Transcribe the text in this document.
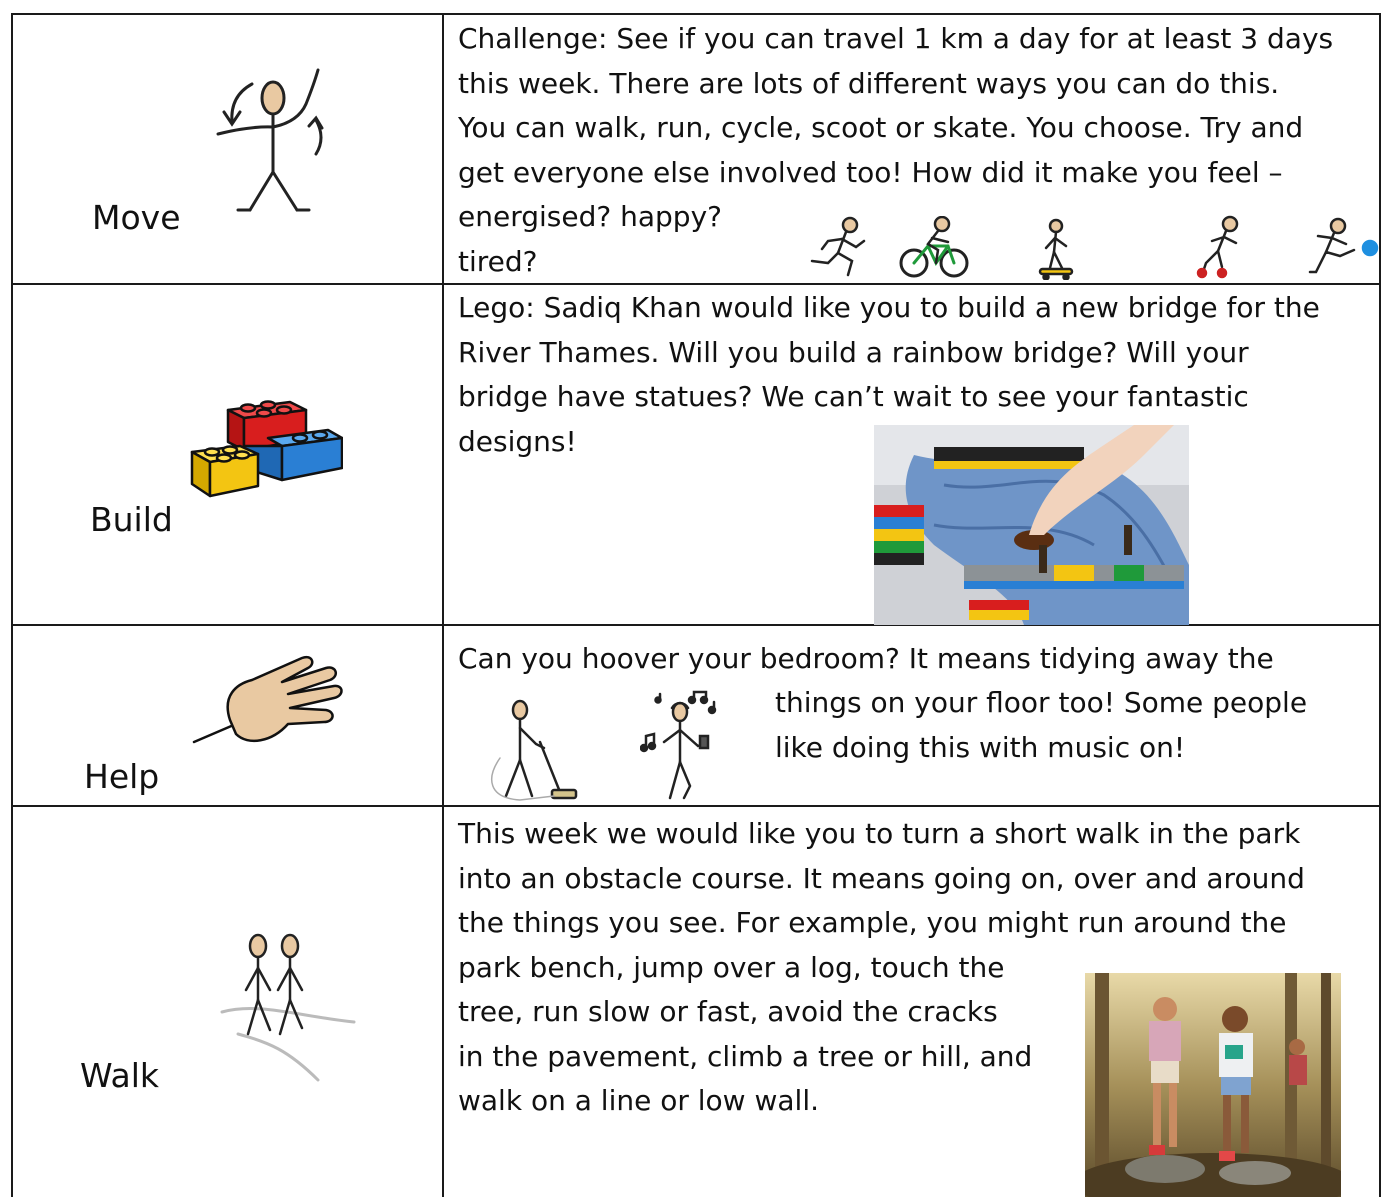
Move
Challenge: See if you can travel 1 km a day for at least 3 days
this week. There are lots of different ways you can do this.
You can walk, run, cycle, scoot or skate. You choose. Try and
get everyone else involved too! How did it make you feel –
energised? happy?
tired?
Build
Lego: Sadiq Khan would like you to build a new bridge for the
River Thames. Will you build a rainbow bridge? Will your
bridge have statues? We can’t wait to see your fantastic
designs!
Help
Can you hoover your bedroom? It means tidying away the
things on your floor too! Some people
like doing this with music on!
Walk
This week we would like you to turn a short walk in the park
into an obstacle course. It means going on, over and around
the things you see. For example, you might run around the
park bench, jump over a log, touch the
tree, run slow or fast, avoid the cracks
in the pavement, climb a tree or hill, and
walk on a line or low wall.
